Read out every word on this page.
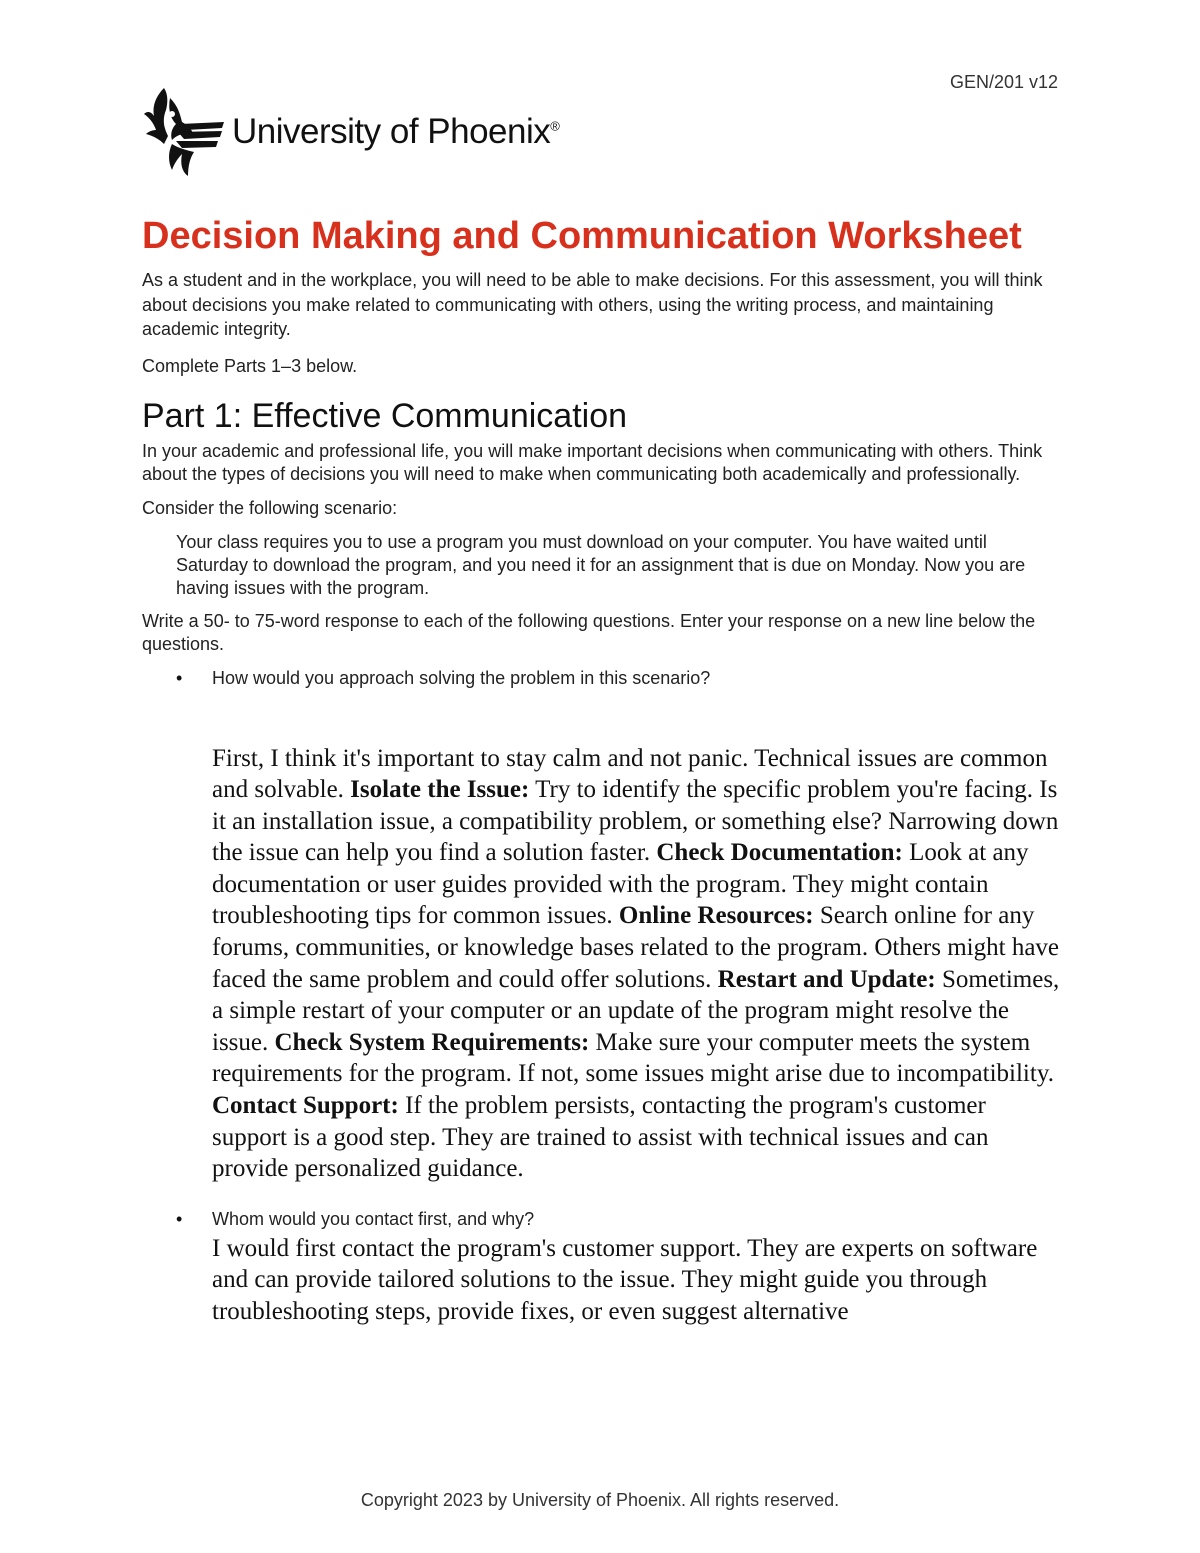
GEN/201 v12
University of Phoenix®
Decision Making and Communication Worksheet

As a student and in the workplace, you will need to be able to make decisions. For this assessment, you will think about decisions you make related to communicating with others, using the writing process, and maintaining academic integrity.

Complete Parts 1–3 below.

Part 1: Effective Communication

In your academic and professional life, you will make important decisions when communicating with others. Think about the types of decisions you will need to make when communicating both academically and professionally.

Consider the following scenario:

Your class requires you to use a program you must download on your computer. You have waited until Saturday to download the program, and you need it for an assignment that is due on Monday. Now you are having issues with the program.

Write a 50- to 75-word response to each of the following questions. Enter your response on a new line below the questions.

• How would you approach solving the problem in this scenario?
First, I think it's important to stay calm and not panic. Technical issues are common and solvable. Isolate the Issue: Try to identify the specific problem you're facing. Is it an installation issue, a compatibility problem, or something else? Narrowing down the issue can help you find a solution faster. Check Documentation: Look at any documentation or user guides provided with the program. They might contain troubleshooting tips for common issues. Online Resources: Search online for any forums, communities, or knowledge bases related to the program. Others might have faced the same problem and could offer solutions. Restart and Update: Sometimes, a simple restart of your computer or an update of the program might resolve the issue. Check System Requirements: Make sure your computer meets the system requirements for the program. If not, some issues might arise due to incompatibility. Contact Support: If the problem persists, contacting the program's customer support is a good step. They are trained to assist with technical issues and can provide personalized guidance.
• Whom would you contact first, and why?
I would first contact the program's customer support. They are experts on software and can provide tailored solutions to the issue. They might guide you through troubleshooting steps, provide fixes, or even suggest alternative
Copyright 2023 by University of Phoenix. All rights reserved.
